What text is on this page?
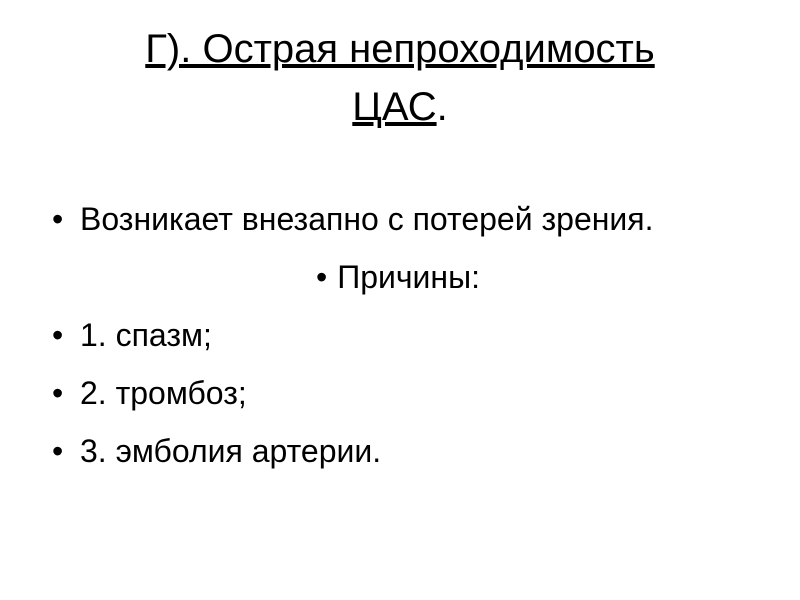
Г). Острая непроходимость
ЦАС.
• Возникает внезапно с потерей зрения.
• Причины:
• 1. спазм;
• 2. тромбоз;
• 3. эмболия артерии.
